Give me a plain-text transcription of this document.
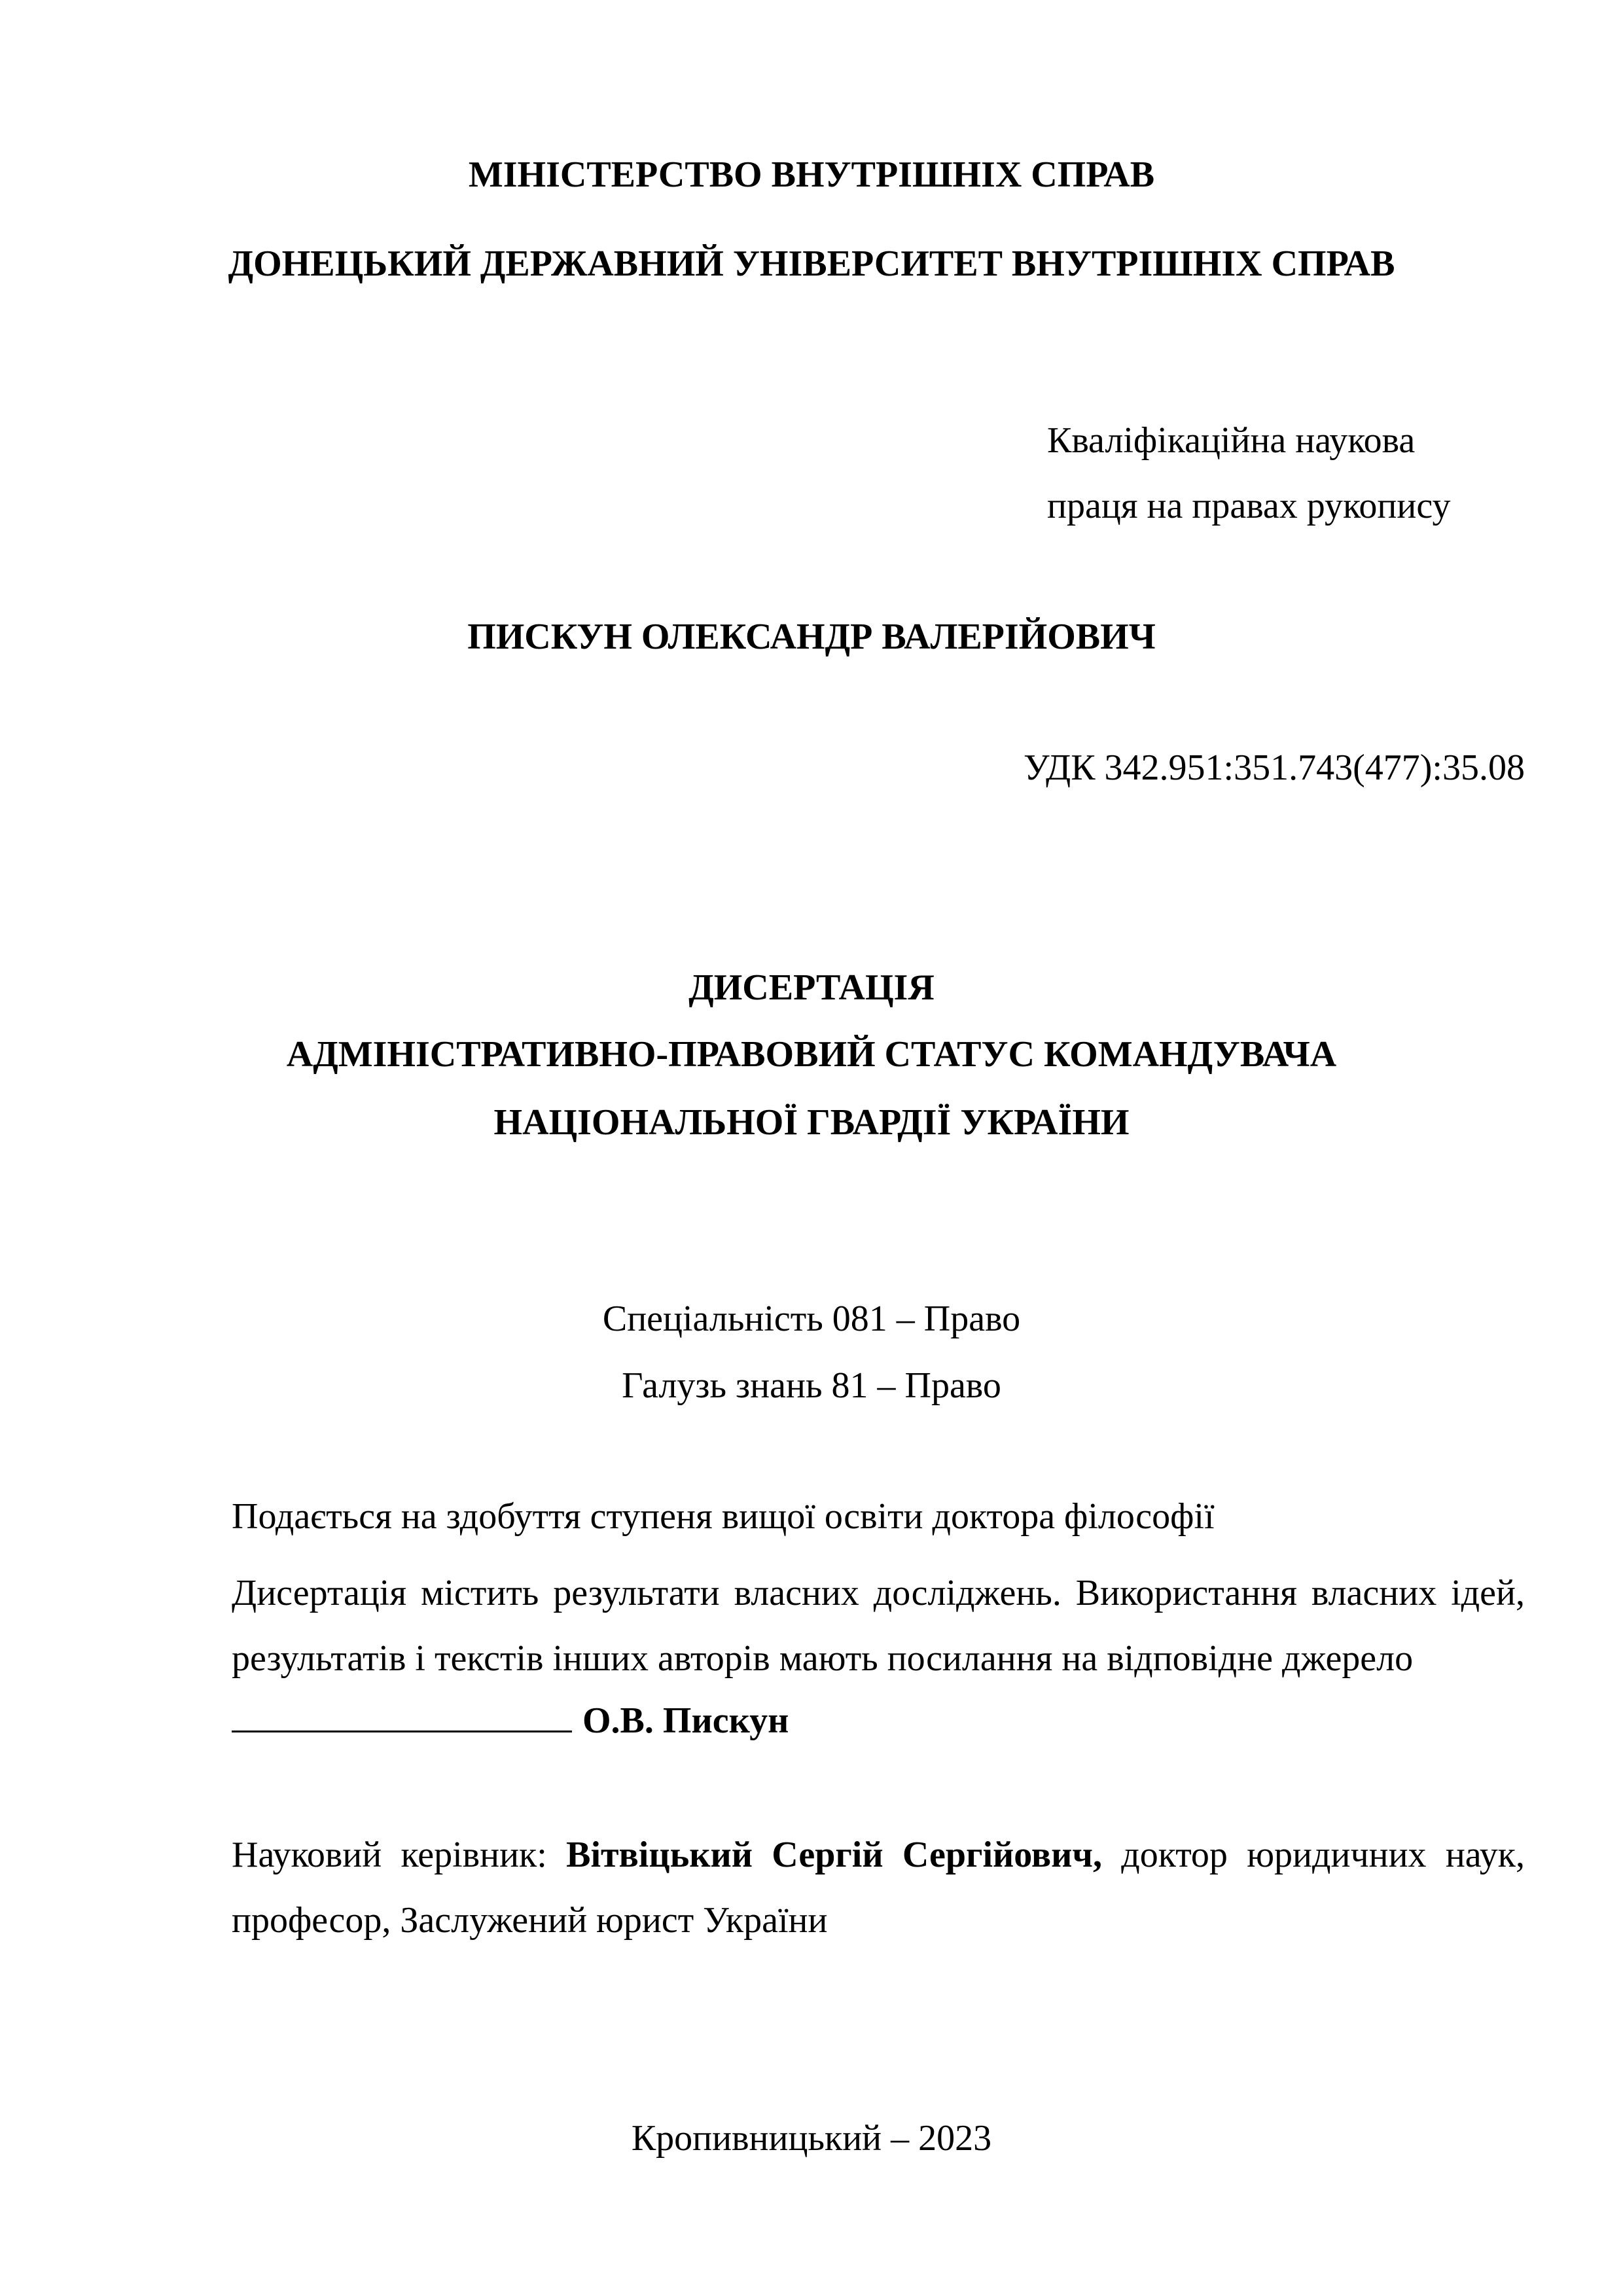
МІНІСТЕРСТВО ВНУТРІШНІХ СПРАВ
ДОНЕЦЬКИЙ ДЕРЖАВНИЙ УНІВЕРСИТЕТ ВНУТРІШНІХ СПРАВ
Кваліфікаційна наукова
праця на правах рукопису
ПИСКУН ОЛЕКСАНДР ВАЛЕРІЙОВИЧ
УДК 342.951:351.743(477):35.08
ДИСЕРТАЦІЯ
АДМІНІСТРАТИВНО-ПРАВОВИЙ СТАТУС КОМАНДУВАЧА
НАЦІОНАЛЬНОЇ ГВАРДІЇ УКРАЇНИ
Спеціальність 081 – Право
Галузь знань 81 – Право
Подається на здобуття ступеня вищої освіти доктора філософії
Дисертація містить результати власних досліджень. Використання власних ідей, результатів і текстів інших авторів мають посилання на відповідне джерело
О.В. Пискун
Науковий керівник: Вітвіцький Сергій Сергійович, доктор юридичних наук, професор, Заслужений юрист України
Кропивницький – 2023
